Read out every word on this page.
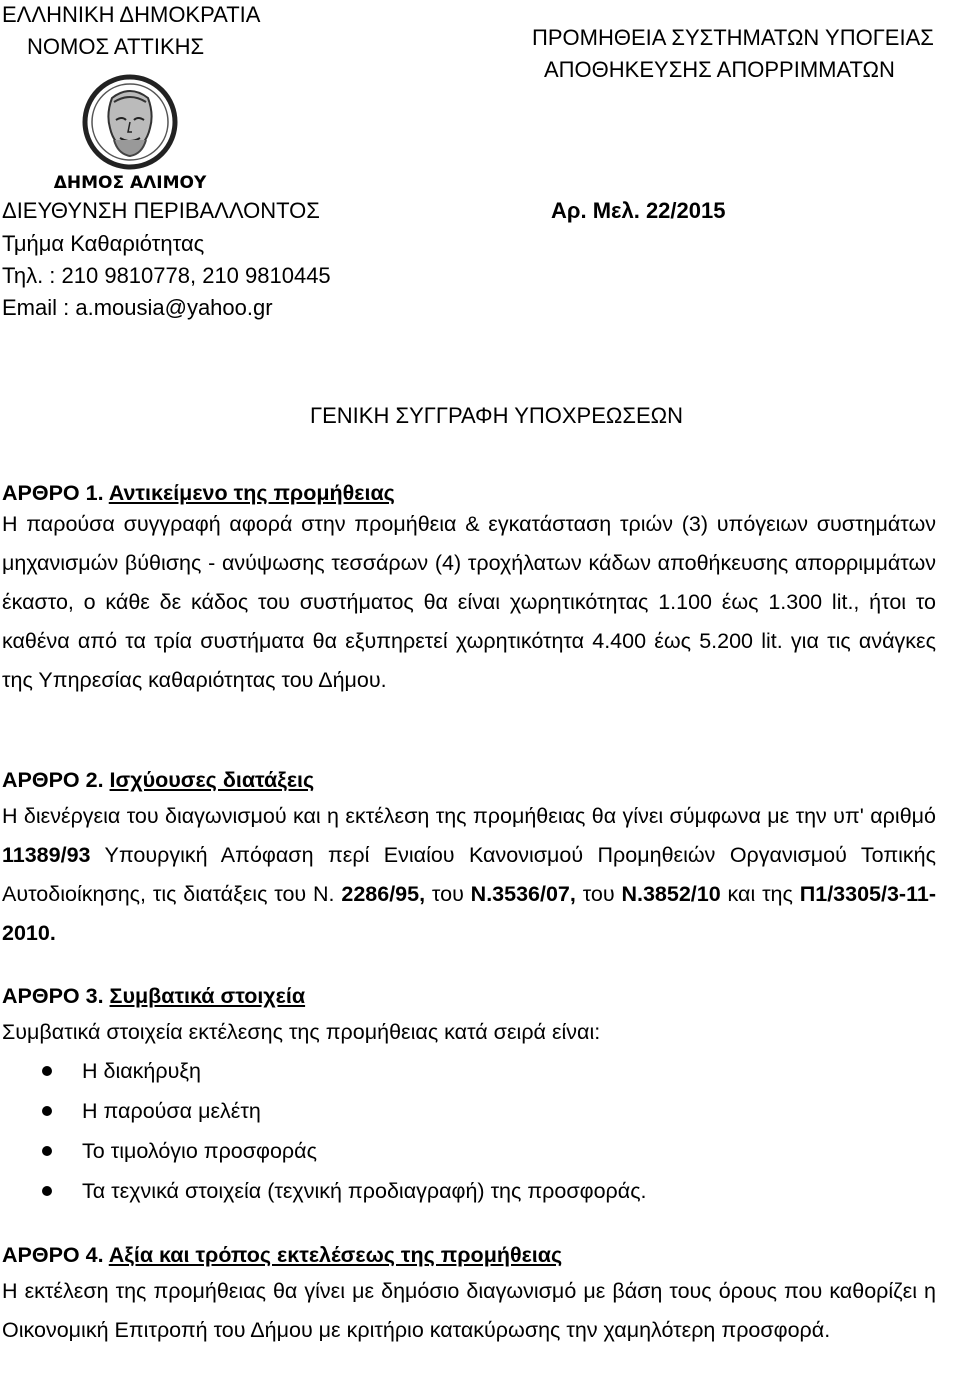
ΕΛΛΗΝΙΚΗ ΔΗΜΟΚΡΑΤΙΑ
ΝΟΜΟΣ ΑΤΤΙΚΗΣ	ΠΡΟΜΗΘΕΙΑ ΣΥΣΤΗΜΑΤΩΝ ΥΠΟΓΕΙΑΣ
ΑΠΟΘΗΚΕΥΣΗΣ ΑΠΟΡΡΙΜΜΑΤΩΝ
ΔΗΜΟΣ ΑΛΙΜΟΥ
ΔΙΕΥΘΥΝΣΗ ΠΕΡΙΒΑΛΛΟΝΤΟΣ	Αρ. Μελ. 22/2015
Τμήμα Καθαριότητας
Τηλ. : 210 9810778, 210 9810445
Email : a.mousia@yahoo.gr
ΓΕΝΙΚΗ ΣΥΓΓΡΑΦΗ ΥΠΟΧΡΕΩΣΕΩΝ
ΑΡΘΡΟ 1. Αντικείμενο της προμήθειας
Η παρούσα συγγραφή αφορά στην προμήθεια & εγκατάσταση τριών (3) υπόγειων συστημάτων μηχανισμών βύθισης - ανύψωσης τεσσάρων (4) τροχήλατων κάδων αποθήκευσης απορριμμάτων έκαστο, ο κάθε δε κάδος του συστήματος θα είναι χωρητικότητας 1.100 έως 1.300 lit., ήτοι το καθένα από τα τρία συστήματα θα εξυπηρετεί χωρητικότητα 4.400 έως 5.200 lit. για τις ανάγκες της Υπηρεσίας καθαριότητας του Δήμου.
ΑΡΘΡΟ 2. Ισχύουσες διατάξεις
Η διενέργεια του διαγωνισμού και η εκτέλεση της προμήθειας θα γίνει σύμφωνα με την υπ' αριθμό 11389/93 Υπουργική Απόφαση περί Ενιαίου Κανονισμού Προμηθειών Οργανισμού Τοπικής Αυτοδιοίκησης, τις διατάξεις του Ν. 2286/95, του Ν.3536/07, του Ν.3852/10 και της Π1/3305/3-11-2010.
ΑΡΘΡΟ 3. Συμβατικά στοιχεία
Συμβατικά στοιχεία εκτέλεσης της προμήθειας κατά σειρά είναι:
Η διακήρυξη
Η παρούσα μελέτη
Το τιμολόγιο προσφοράς
Τα τεχνικά στοιχεία (τεχνική προδιαγραφή) της προσφοράς.
ΑΡΘΡΟ 4. Αξία και τρόπος εκτελέσεως της προμήθειας
Η εκτέλεση της προμήθειας θα γίνει με δημόσιο διαγωνισμό με βάση τους όρους που καθορίζει η Οικονομική Επιτροπή του Δήμου με κριτήριο κατακύρωσης την χαμηλότερη προσφορά.
